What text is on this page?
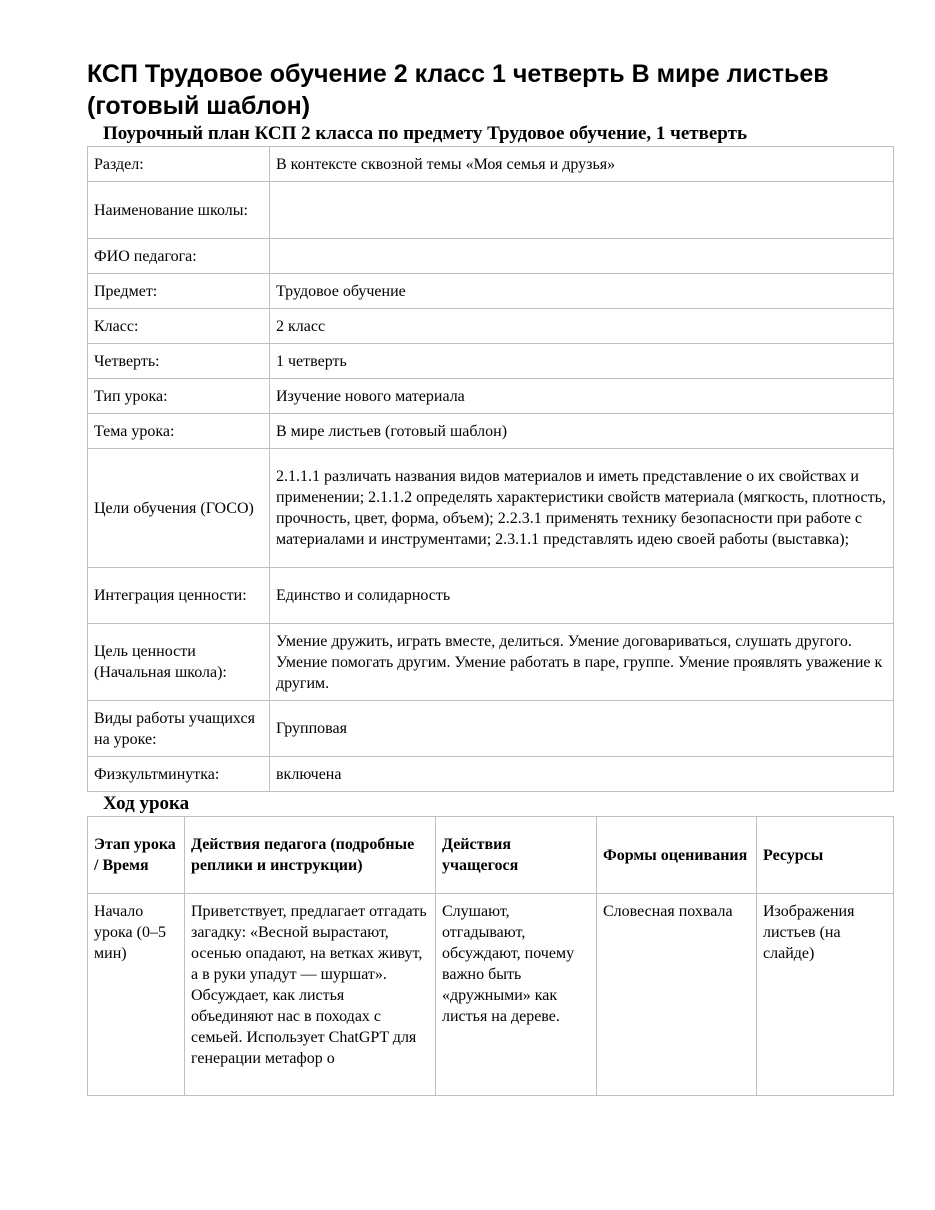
КСП Трудовое обучение 2 класс 1 четверть В мире листьев (готовый шаблон)
Поурочный план КСП 2 класса по предмету Трудовое обучение, 1 четверть
Раздел:	В контексте сквозной темы «Моя семья и друзья»
Наименование школы:	
ФИО педагога:	
Предмет:	Трудовое обучение
Класс:	2 класс
Четверть:	1 четверть
Тип урока:	Изучение нового материала
Тема урока:	В мире листьев (готовый шаблон)
Цели обучения (ГОСО)	2.1.1.1 различать названия видов материалов и иметь представление о их свойствах и применении; 2.1.1.2 определять характеристики свойств материала (мягкость, плотность, прочность, цвет, форма, объем); 2.2.3.1 применять технику безопасности при работе с материалами и инструментами; 2.3.1.1 представлять идею своей работы (выставка);
Интеграция ценности:	Единство и солидарность
Цель ценности (Начальная школа):	Умение дружить, играть вместе, делиться. Умение договариваться, слушать другого. Умение помогать другим. Умение работать в паре, группе. Умение проявлять уважение к другим.
Виды работы учащихся на уроке:	Групповая
Физкультминутка:	включена
Ход урока
Этап урока / Время	Действия педагога (подробные реплики и инструкции)	Действия учащегося	Формы оценивания	Ресурсы
Начало урока (0–5 мин)	Приветствует, предлагает отгадать загадку: «Весной вырастают, осенью опадают, на ветках живут, а в руки упадут — шуршат». Обсуждает, как листья объединяют нас в походах с семьей. Использует ChatGPT для генерации метафор о	Слушают, отгадывают, обсуждают, почему важно быть «дружными» как листья на дереве.	Словесная похвала	Изображения листьев (на слайде)
